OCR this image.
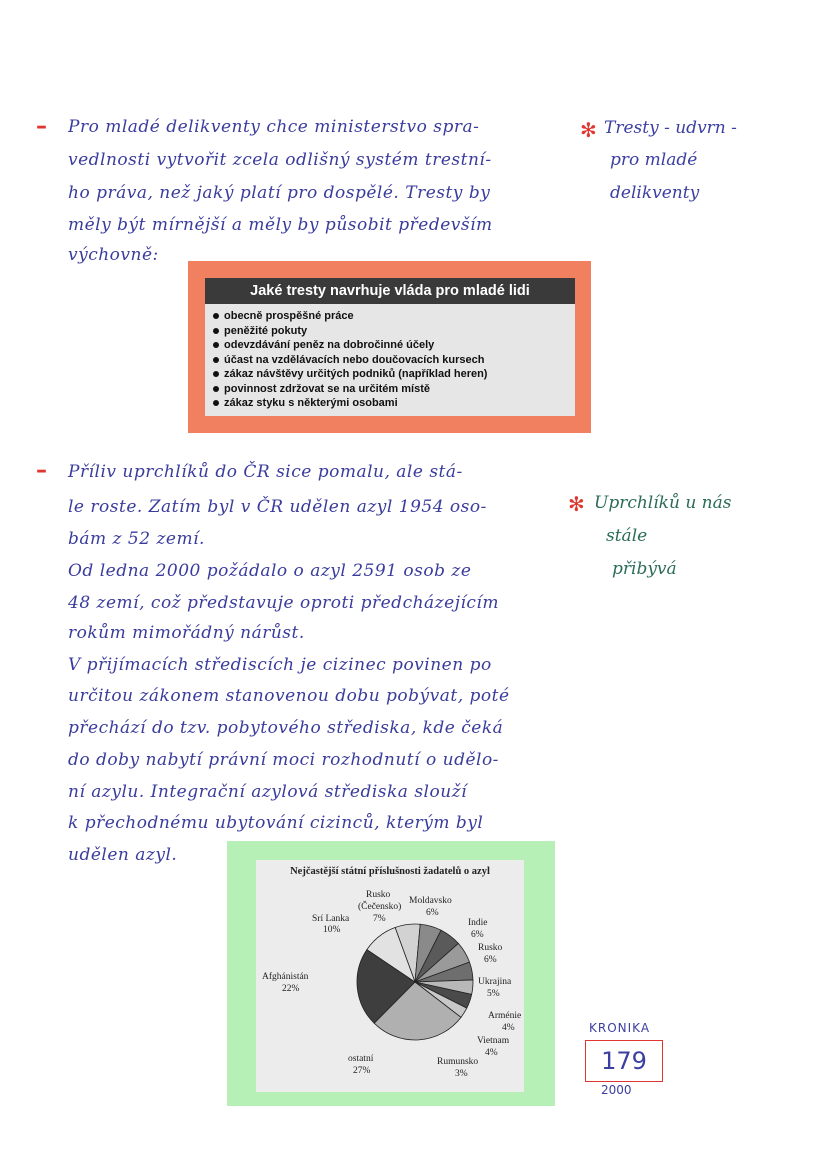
– Pro mladé delikventy chce ministerstvo spra-
vedlnosti vytvořit zcela odlišný systém trestní-
ho práva, než jaký platí pro dospělé. Tresty by
měly být mírnější a měly by působit především
výchovně:
✻ Tresty - udvrn -
pro mladé
delikventy
Jaké tresty navrhuje vláda pro mladé lidi
obecně prospěšné práce
peněžité pokuty
odevzdávání peněz na dobročinné účely
účast na vzdělávacích nebo doučovacích kursech
zákaz návštěvy určitých podniků (například heren)
povinnost zdržovat se na určitém místě
zákaz styku s některými osobami
– Příliv uprchlíků do ČR sice pomalu, ale stá-
le roste. Zatím byl v ČR udělen azyl 1954 oso-
bám z 52 zemí.
Od ledna 2000 požádalo o azyl 2591 osob ze
48 zemí, což představuje oproti předcházejícím
rokům mimořádný nárůst.
V přijímacích střediscích je cizinec povinen po
určitou zákonem stanovenou dobu pobývat, poté
přechází do tzv. pobytového střediska, kde čeká
do doby nabytí právní moci rozhodnutí o udělo-
ní azylu. Integrační azylová střediska slouží
k přechodnému ubytování cizinců, kterým byl
udělen azyl.
✻ Uprchlíků u nás
stále
přibývá
Nejčastější státní příslušnosti žadatelů o azyl
Afghánistán
22%
Srí Lanka
10%
Rusko
(Čečensko)
7%
Moldavsko
6%
Indie
6%
Rusko
6%
Ukrajina
5%
Arménie
4%
Vietnam
4%
Rumunsko
3%
ostatní
27%
KRONIKA
179
2000
